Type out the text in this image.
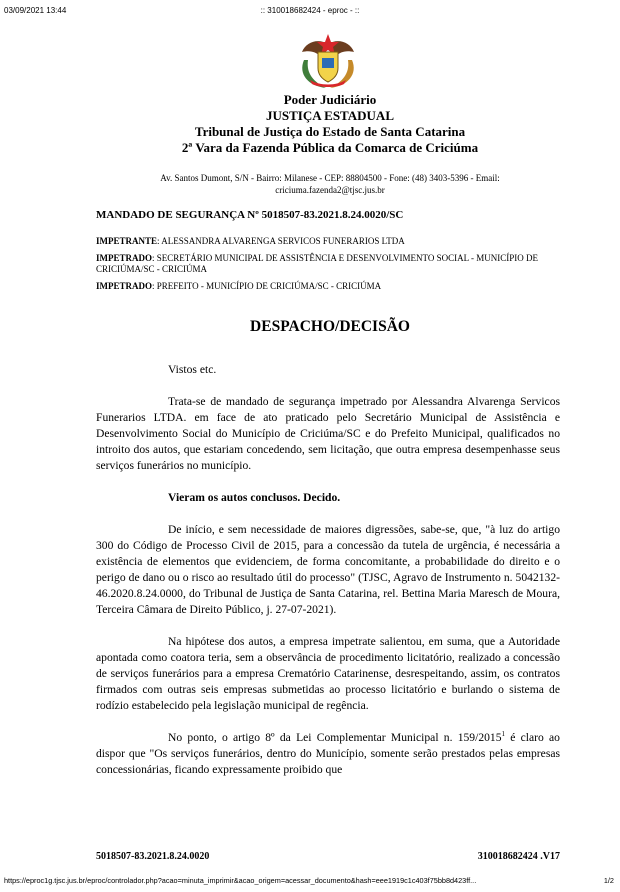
03/09/2021 13:44	:: 310018682424 - eproc - ::
Poder Judiciário
JUSTIÇA ESTADUAL
Tribunal de Justiça do Estado de Santa Catarina
2ª Vara da Fazenda Pública da Comarca de Criciúma
Av. Santos Dumont, S/N - Bairro: Milanese - CEP: 88804500 - Fone: (48) 3403-5396 - Email:
criciuma.fazenda2@tjsc.jus.br
MANDADO DE SEGURANÇA Nº 5018507-83.2021.8.24.0020/SC

IMPETRANTE: ALESSANDRA ALVARENGA SERVICOS FUNERARIOS LTDA

IMPETRADO: SECRETÁRIO MUNICIPAL DE ASSISTÊNCIA E DESENVOLVIMENTO SOCIAL - MUNICÍPIO DE CRICIÚMA/SC - CRICIÚMA

IMPETRADO: PREFEITO - MUNICÍPIO DE CRICIÚMA/SC - CRICIÚMA

DESPACHO/DECISÃO

Vistos etc.

Trata-se de mandado de segurança impetrado por Alessandra Alvarenga Servicos Funerarios LTDA. em face de ato praticado pelo Secretário Municipal de Assistência e Desenvolvimento Social do Município de Criciúma/SC e do Prefeito Municipal, qualificados no introito dos autos, que estariam concedendo, sem licitação, que outra empresa desempenhasse seus serviços funerários no município.

Vieram os autos conclusos. Decido.

De início, e sem necessidade de maiores digressões, sabe-se, que, "à luz do artigo 300 do Código de Processo Civil de 2015, para a concessão da tutela de urgência, é necessária a existência de elementos que evidenciem, de forma concomitante, a probabilidade do direito e o perigo de dano ou o risco ao resultado útil do processo" (TJSC, Agravo de Instrumento n. 5042132-46.2020.8.24.0000, do Tribunal de Justiça de Santa Catarina, rel. Bettina Maria Maresch de Moura, Terceira Câmara de Direito Público, j. 27-07-2021).

Na hipótese dos autos, a empresa impetrate salientou, em suma, que a Autoridade apontada como coatora teria, sem a observância de procedimento licitatório, realizado a concessão de serviços funerários para a empresa Crematório Catarinense, desrespeitando, assim, os contratos firmados com outras seis empresas submetidas ao processo licitatório e burlando o sistema de rodízio estabelecido pela legislação municipal de regência.

No ponto, o artigo 8º da Lei Complementar Municipal n. 159/2015$^1$ é claro ao dispor que "Os serviços funerários, dentro do Município, somente serão prestados pelas empresas concessionárias, ficando expressamente proibido que

5018507-83.2021.8.24.0020	310018682424 .V17
https://eproc1g.tjsc.jus.br/eproc/controlador.php?acao=minuta_imprimir&acao_origem=acessar_documento&hash=eee1919c1c403f75bb8d423ff...	1/2
